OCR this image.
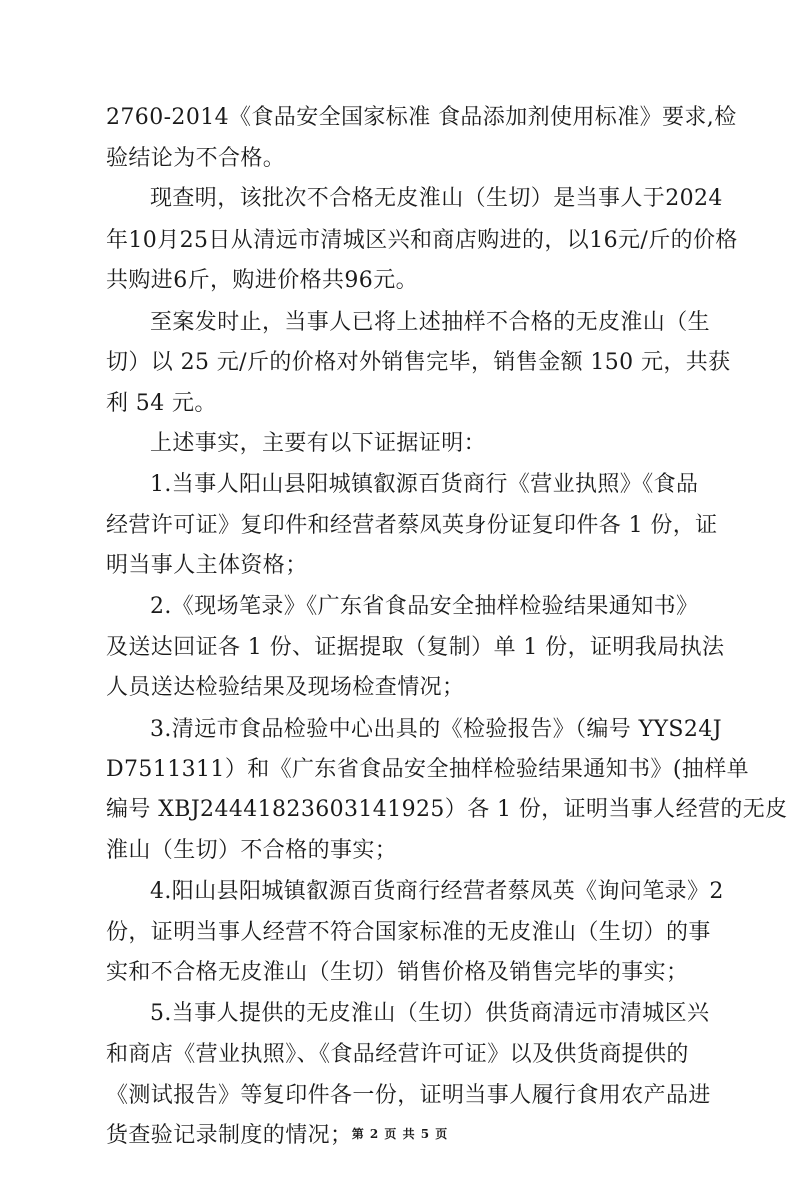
2760-2014《食品安全国家标准 食品添加剂使用标准》要求,检
验结论为不合格。
现查明，该批次不合格无皮淮山（生切）是当事人于2024
年10月25日从清远市清城区兴和商店购进的，以16元/斤的价格
共购进6斤，购进价格共96元。
至案发时止，当事人已将上述抽样不合格的无皮淮山（生
切）以 25 元/斤的价格对外销售完毕，销售金额 150 元，共获
利 54 元。
上述事实，主要有以下证据证明：
1.当事人阳山县阳城镇叡源百货商行《营业执照》《食品
经营许可证》复印件和经营者蔡凤英身份证复印件各 1 份，证
明当事人主体资格；
2.《现场笔录》《广东省食品安全抽样检验结果通知书》
及送达回证各 1 份、证据提取（复制）单 1 份，证明我局执法
人员送达检验结果及现场检查情况；
3.清远市食品检验中心出具的《检验报告》（编号 YYS24J
D7511311）和《广东省食品安全抽样检验结果通知书》(抽样单
编号 XBJ24441823603141925）各 1 份，证明当事人经营的无皮
淮山（生切）不合格的事实；
4.阳山县阳城镇叡源百货商行经营者蔡凤英《询问笔录》2
份，证明当事人经营不符合国家标准的无皮淮山（生切）的事
实和不合格无皮淮山（生切）销售价格及销售完毕的事实；
5.当事人提供的无皮淮山（生切）供货商清远市清城区兴
和商店《营业执照》、《食品经营许可证》以及供货商提供的
《测试报告》等复印件各一份，证明当事人履行食用农产品进
货查验记录制度的情况； 第 2 页 共 5 页
